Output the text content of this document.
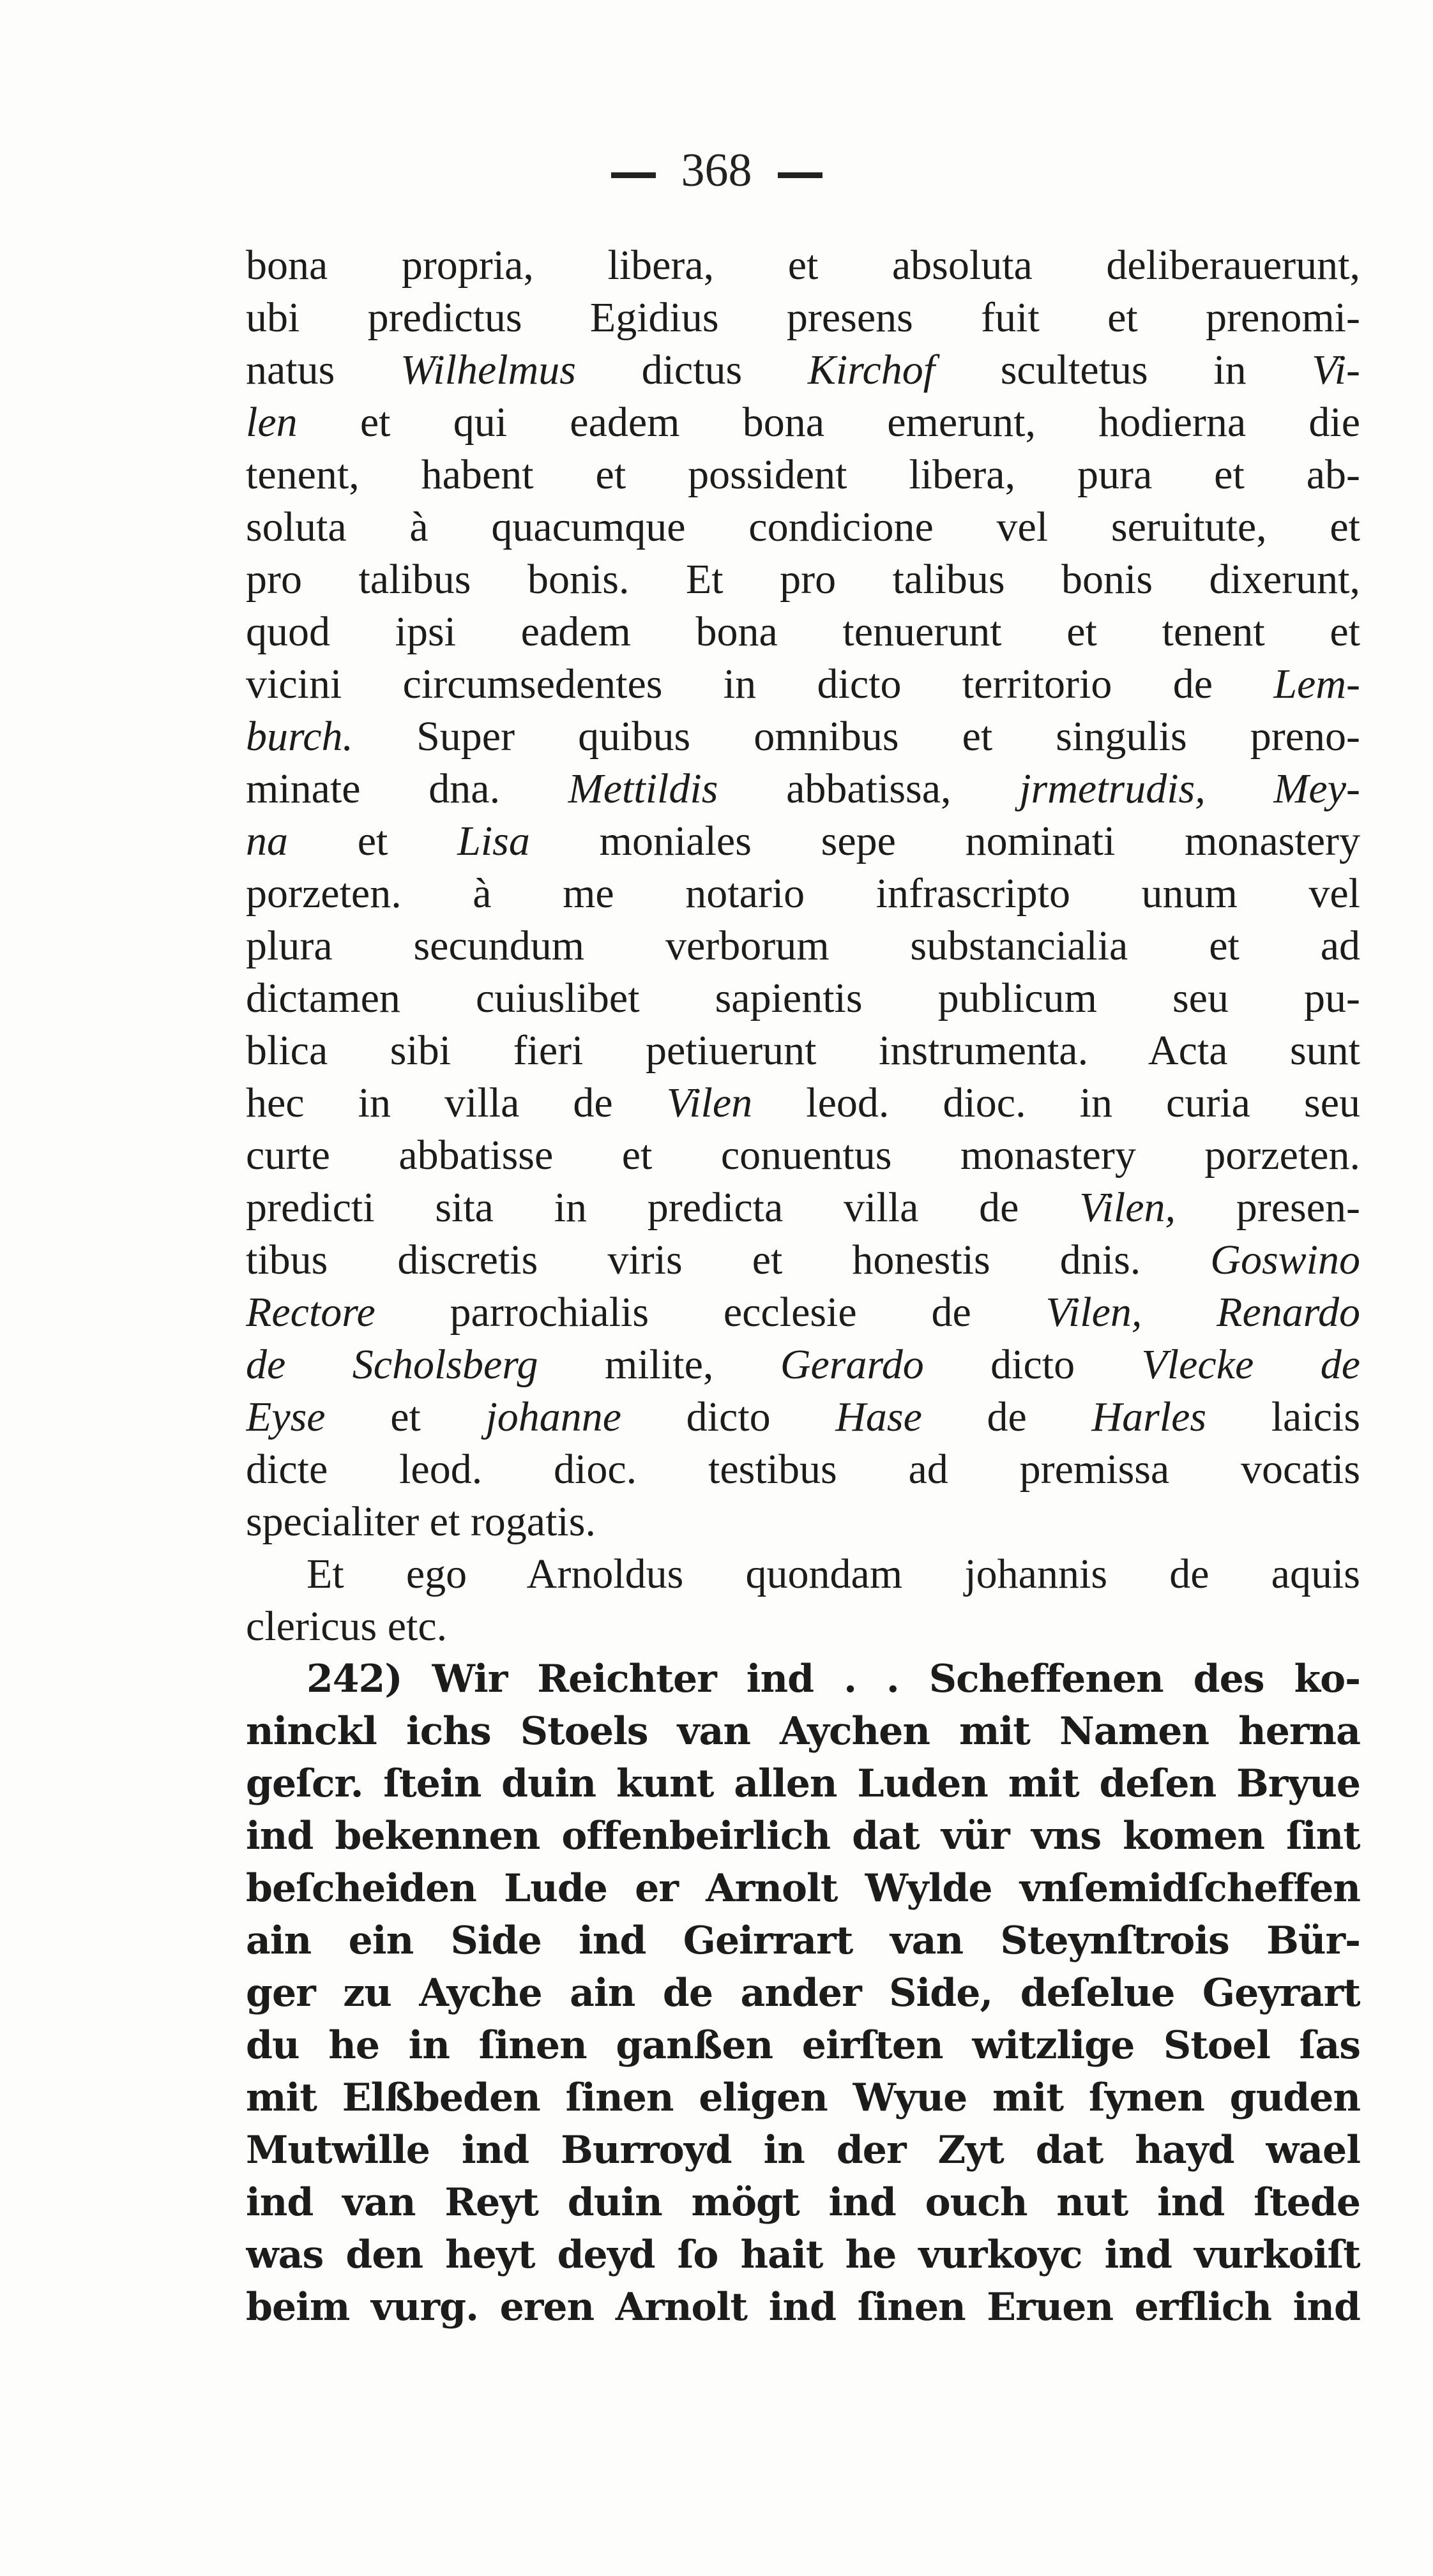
368
bona propria, libera, et absoluta deliberauerunt,
ubi predictus Egidius presens fuit et prenomi-
natus Wilhelmus dictus Kirchof scultetus in Vi-
len et qui eadem bona emerunt, hodierna die
tenent, habent et possident libera, pura et ab-
soluta à quacumque condicione vel seruitute, et
pro talibus bonis. Et pro talibus bonis dixerunt,
quod ipsi eadem bona tenuerunt et tenent et
vicini circumsedentes in dicto territorio de Lem-
burch. Super quibus omnibus et singulis preno-
minate dna. Mettildis abbatissa, jrmetrudis, Mey-
na et Lisa moniales sepe nominati monastery
porzeten. à me notario infrascripto unum vel
plura secundum verborum substancialia et ad
dictamen cuiuslibet sapientis publicum seu pu-
blica sibi fieri petiuerunt instrumenta. Acta sunt
hec in villa de Vilen leod. dioc. in curia seu
curte abbatisse et conuentus monastery porzeten.
predicti sita in predicta villa de Vilen, presen-
tibus discretis viris et honestis dnis. Goswino
Rectore parrochialis ecclesie de Vilen, Renardo
de Scholsberg milite, Gerardo dicto Vlecke de
Eyse et johanne dicto Hase de Harles laicis
dicte leod. dioc. testibus ad premissa vocatis
specialiter et rogatis.
Et ego Arnoldus quondam johannis de aquis
clericus etc.
242) Wir Reichter ind . . Scheffenen des ko-
ninckl ichs Stoels van Aychen mit Namen herna
geſcr. ſtein duin kunt allen Luden mit deſen Bryue
ind bekennen offenbeirlich dat vür vns komen ſint
beſcheiden Lude er Arnolt Wylde vnſemidſcheffen
ain ein Side ind Geirrart van Steynſtrois Bür-
ger zu Ayche ain de ander Side, deſelue Geyrart
du he in ſinen ganßen eirſten witzlige Stoel ſas
mit Elßbeden ſinen eligen Wyue mit ſynen guden
Mutwille ind Burroyd in der Zyt dat hayd wael
ind van Reyt duin mögt ind ouch nut ind ſtede
was den heyt deyd ſo hait he vurkoyc ind vurkoiſt
beim vurg. eren Arnolt ind ſinen Eruen erflich ind
